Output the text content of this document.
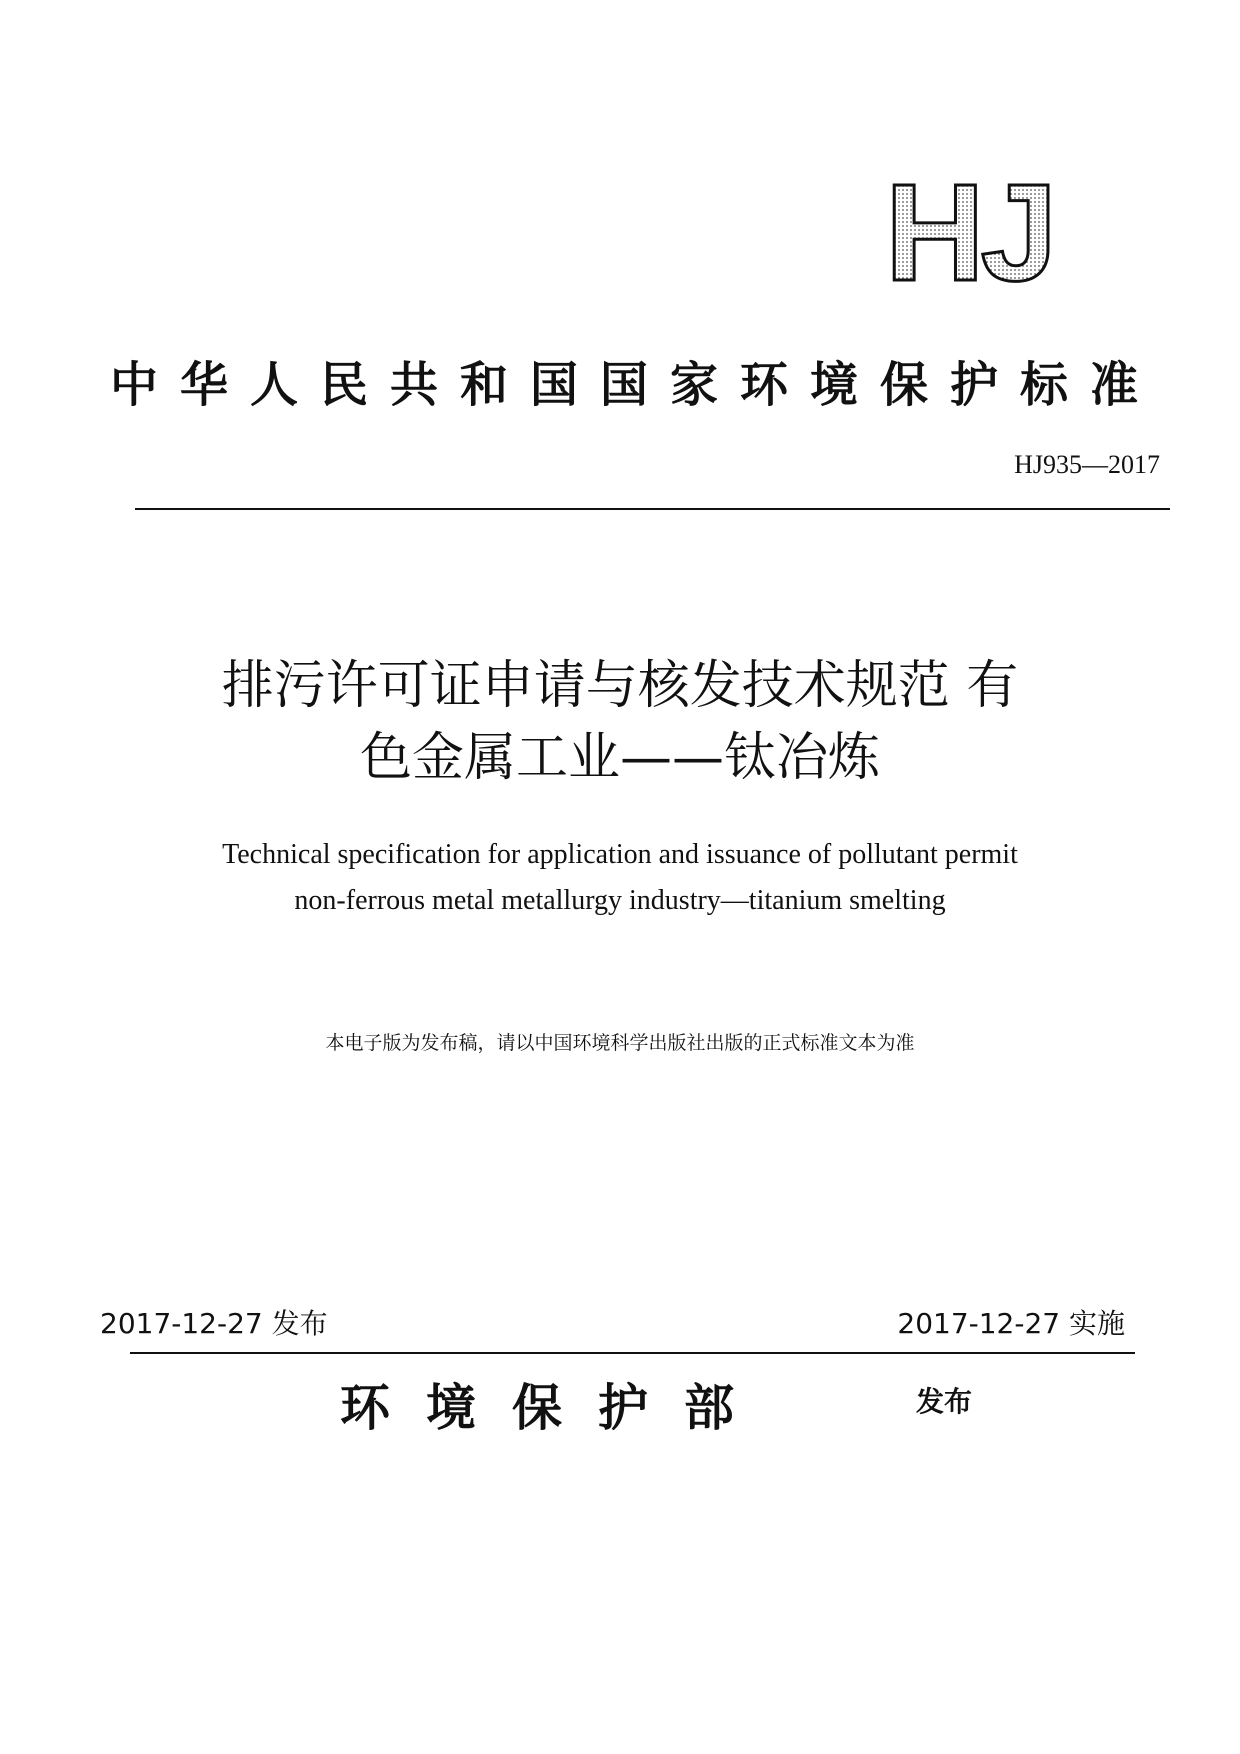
HJ
中华人民共和国国家环境保护标准
HJ935—2017
排污许可证申请与核发技术规范 有
色金属工业——钛冶炼
Technical specification for application and issuance of pollutant permit
non-ferrous metal metallurgy industry—titanium smelting
本电子版为发布稿，请以中国环境科学出版社出版的正式标准文本为准
2017-12-27 发布	2017-12-27 实施
环境保护部	发布
